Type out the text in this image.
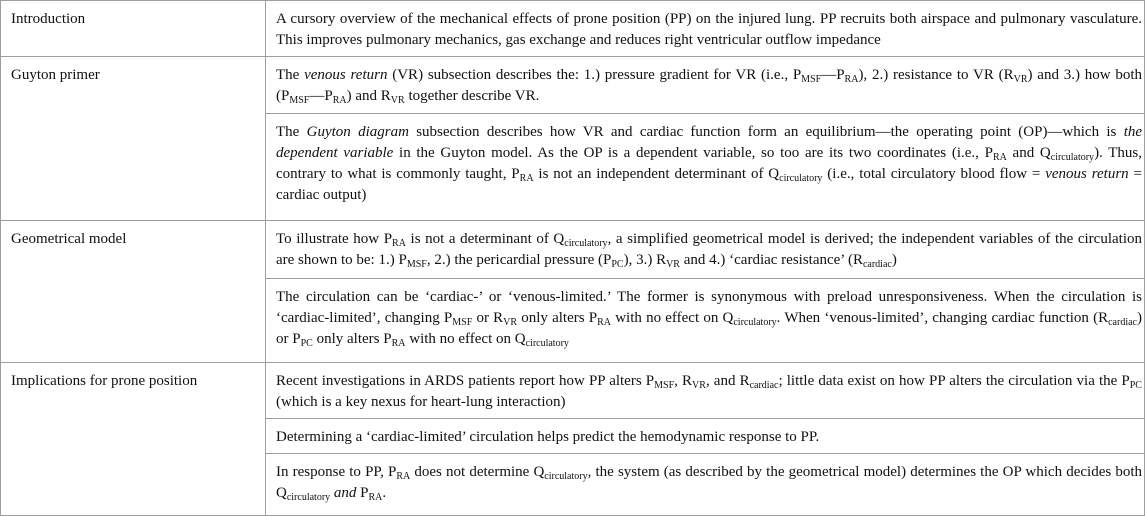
Introduction	A cursory overview of the mechanical effects of prone position (PP) on the injured lung. PP recruits both airspace and pulmonary vasculature. This improves pulmonary mechanics, gas exchange and reduces right ventricular outflow impedance
Guyton primer	The venous return (VR) subsection describes the: 1.) pressure gradient for VR (i.e., $P_{MSF}—P_{RA}$), 2.) resistance to VR $(R_{VR})$ and 3.) how both $(P_{MSF}—P_{RA})$ and $R_{VR}$ together describe VR.
	The Guyton diagram subsection describes how VR and cardiac function form an equilibrium—the operating point (OP)—which is the dependent variable in the Guyton model. As the OP is a dependent variable, so too are its two coordinates (i.e., $P_{RA}$ and $Q_{circulatory}$). Thus, contrary to what is commonly taught, $P_{RA}$ is not an independent determinant of $Q_{circulatory}$ (i.e., total circulatory blood flow = venous return = cardiac output)
Geometrical model	To illustrate how $P_{RA}$ is not a determinant of $Q_{circulatory}$, a simplified geometrical model is derived; the independent variables of the circulation are shown to be: 1.) $P_{MSF}$, 2.) the pericardial pressure $(P_{PC})$, 3.) $R_{VR}$ and 4.) ‘cardiac resistance’ $(R_{cardiac})$
	The circulation can be ‘cardiac-’ or ‘venous-limited.’ The former is synonymous with preload unresponsiveness. When the circulation is ‘cardiac-limited’, changing $P_{MSF}$ or $R_{VR}$ only alters $P_{RA}$ with no effect on $Q_{circulatory}$. When ‘venous-limited’, changing cardiac function $(R_{cardiac})$ or $P_{PC}$ only alters $P_{RA}$ with no effect on $Q_{circulatory}$
Implications for prone position	Recent investigations in ARDS patients report how PP alters $P_{MSF}$, $R_{VR}$, and $R_{cardiac}$; little data exist on how PP alters the circulation via the $P_{PC}$ (which is a key nexus for heart-lung interaction)
	Determining a ‘cardiac-limited’ circulation helps predict the hemodynamic response to PP.
	In response to PP, $P_{RA}$ does not determine $Q_{circulatory}$, the system (as described by the geometrical model) determines the OP which decides both $Q_{circulatory}$ and $P_{RA}$.
